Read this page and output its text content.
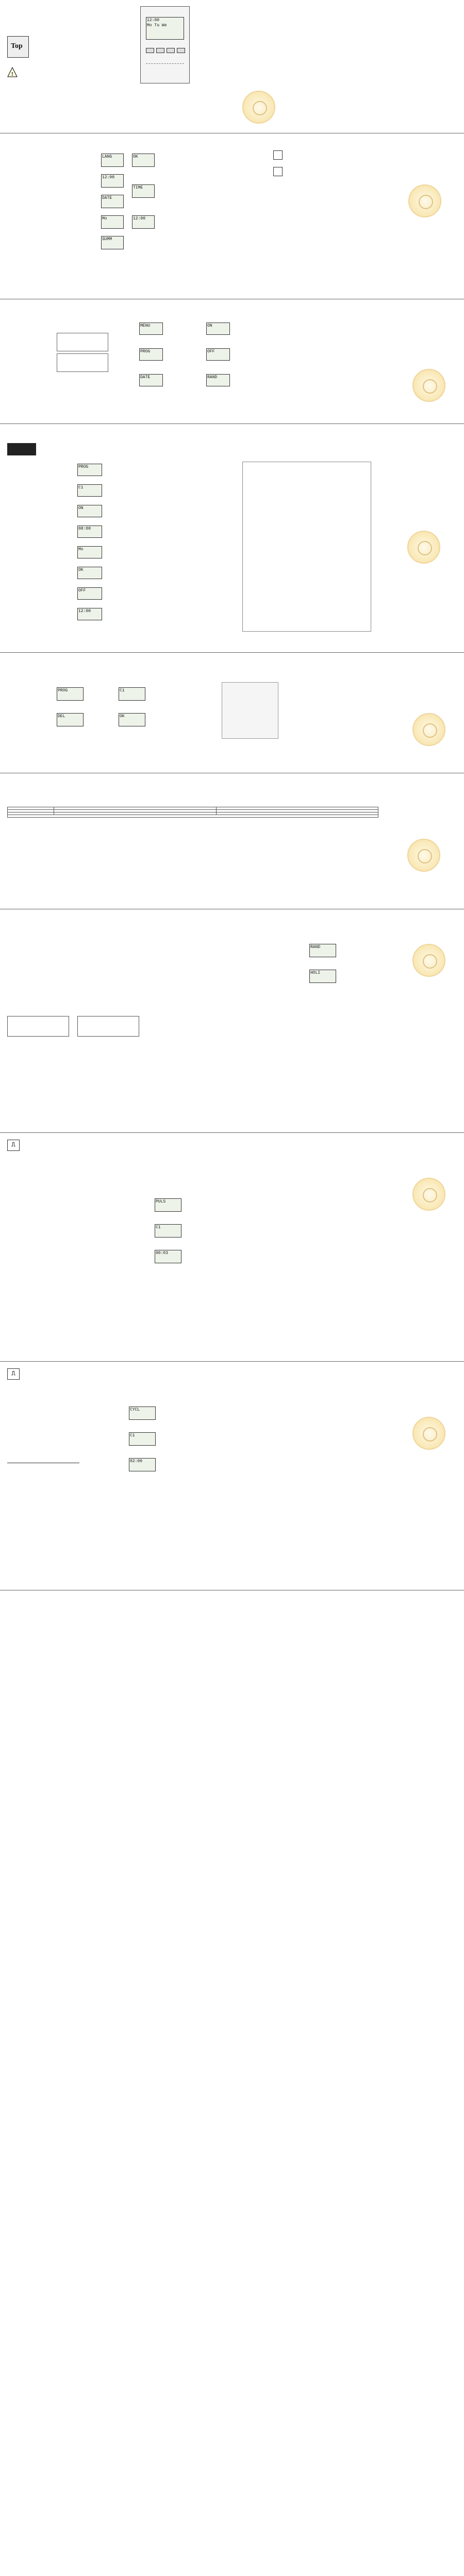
Top
!
12:00
Mo Tu We
LANG
12:00
DATE
Mo
SUMM
OK
TIME
12:00
MENU
PROG
DATE
ON
OFF
RAND
PROG
C1
ON
08:00
Mo
OK
OFF
12:00
PROG
DEL
C1
OK

RAND
HOLI
⎍
PULS
C1
00:03
⎍
CYCL
C1
02:00
